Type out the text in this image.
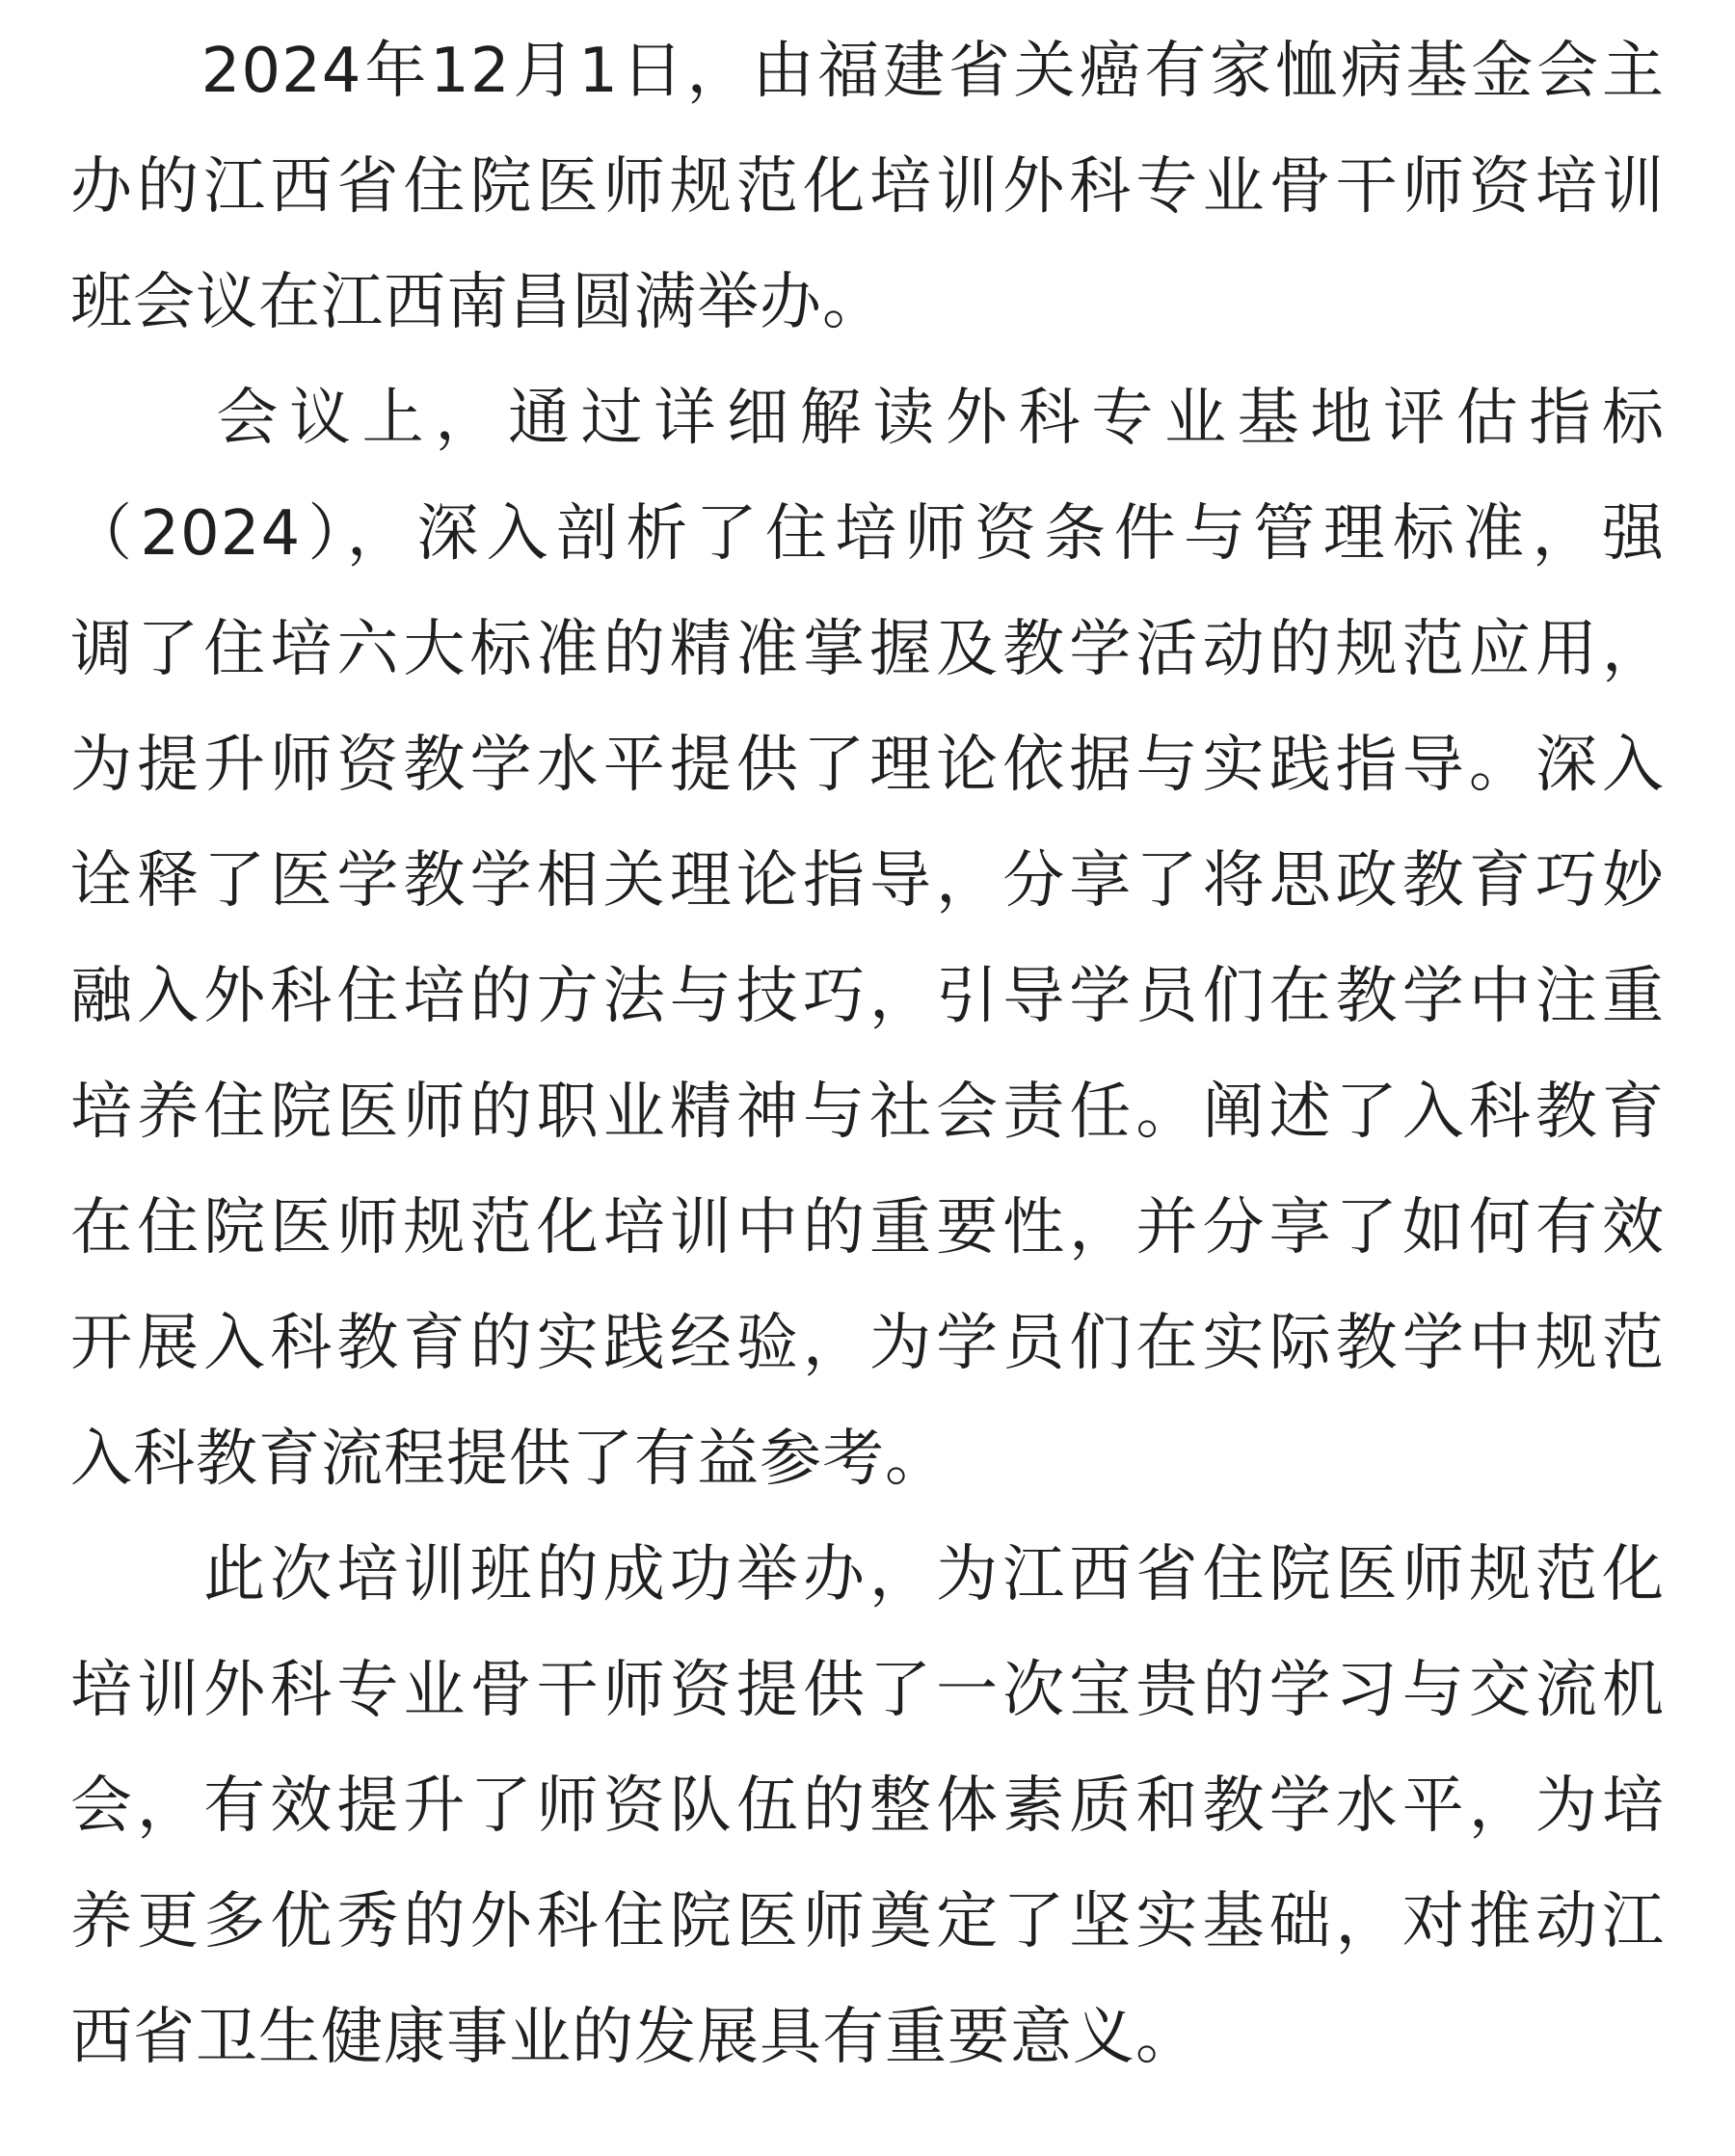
　　2024年12月1日，由福建省关癌有家恤病基金会主
办的江西省住院医师规范化培训外科专业骨干师资培训
班会议在江西南昌圆满举办。
　　会议上，通过详细解读外科专业基地评估指标
（2024），深入剖析了住培师资条件与管理标准，强
调了住培六大标准的精准掌握及教学活动的规范应用，
为提升师资教学水平提供了理论依据与实践指导。深入
诠释了医学教学相关理论指导，分享了将思政教育巧妙
融入外科住培的方法与技巧，引导学员们在教学中注重
培养住院医师的职业精神与社会责任。阐述了入科教育
在住院医师规范化培训中的重要性，并分享了如何有效
开展入科教育的实践经验，为学员们在实际教学中规范
入科教育流程提供了有益参考。
　　此次培训班的成功举办，为江西省住院医师规范化
培训外科专业骨干师资提供了一次宝贵的学习与交流机
会，有效提升了师资队伍的整体素质和教学水平，为培
养更多优秀的外科住院医师奠定了坚实基础，对推动江
西省卫生健康事业的发展具有重要意义。
